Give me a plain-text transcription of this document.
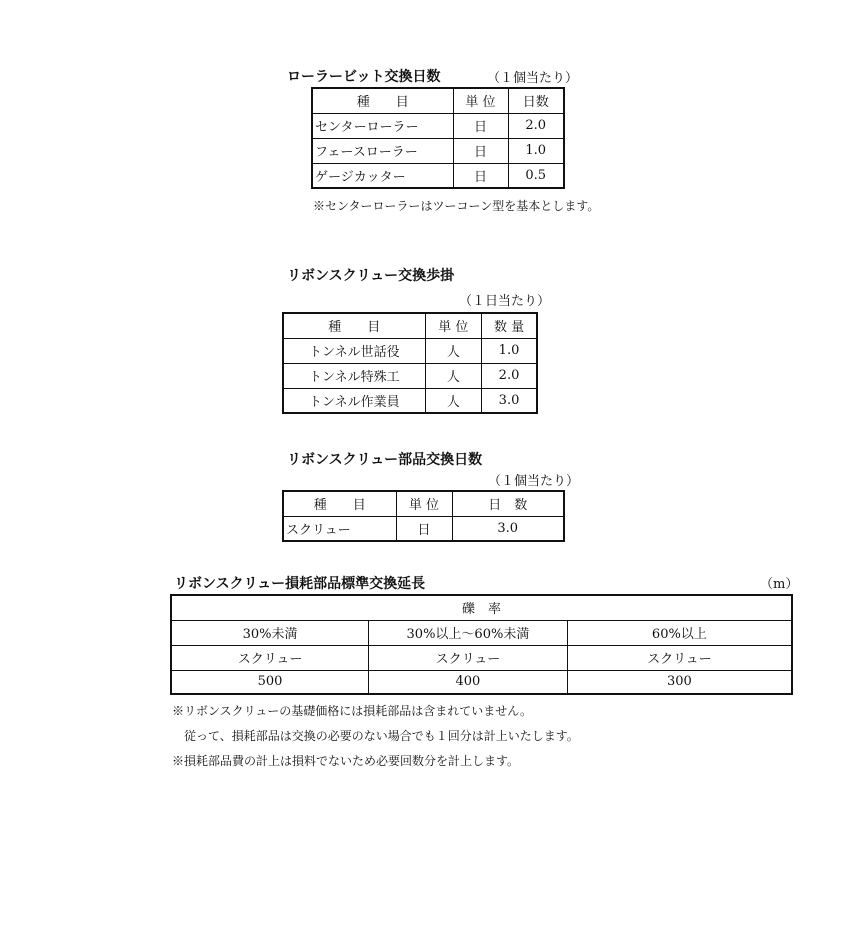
ローラービット交換日数	（１個当たり）
種　　目	単 位	日数
センターローラー	日	2.0
フェースローラー	日	1.0
ゲージカッター	日	0.5
※センターローラーはツーコーン型を基本とします。
リボンスクリュー交換歩掛
（１日当たり）
種　　目	単 位	数 量
トンネル世話役	人	1.0
トンネル特殊工	人	2.0
トンネル作業員	人	3.0
リボンスクリュー部品交換日数
（１個当たり）
種　　目	単 位	日　数
スクリュー	日	3.0
リボンスクリュー損耗部品標準交換延長	（m）
礫　率		
30%未満	30%以上～60%未満	60%以上
スクリュー	スクリュー	スクリュー
500	400	300
※リボンスクリューの基礎価格には損耗部品は含まれていません。
　従って、損耗部品は交換の必要のない場合でも１回分は計上いたします。
※損耗部品費の計上は損料でないため必要回数分を計上します。
